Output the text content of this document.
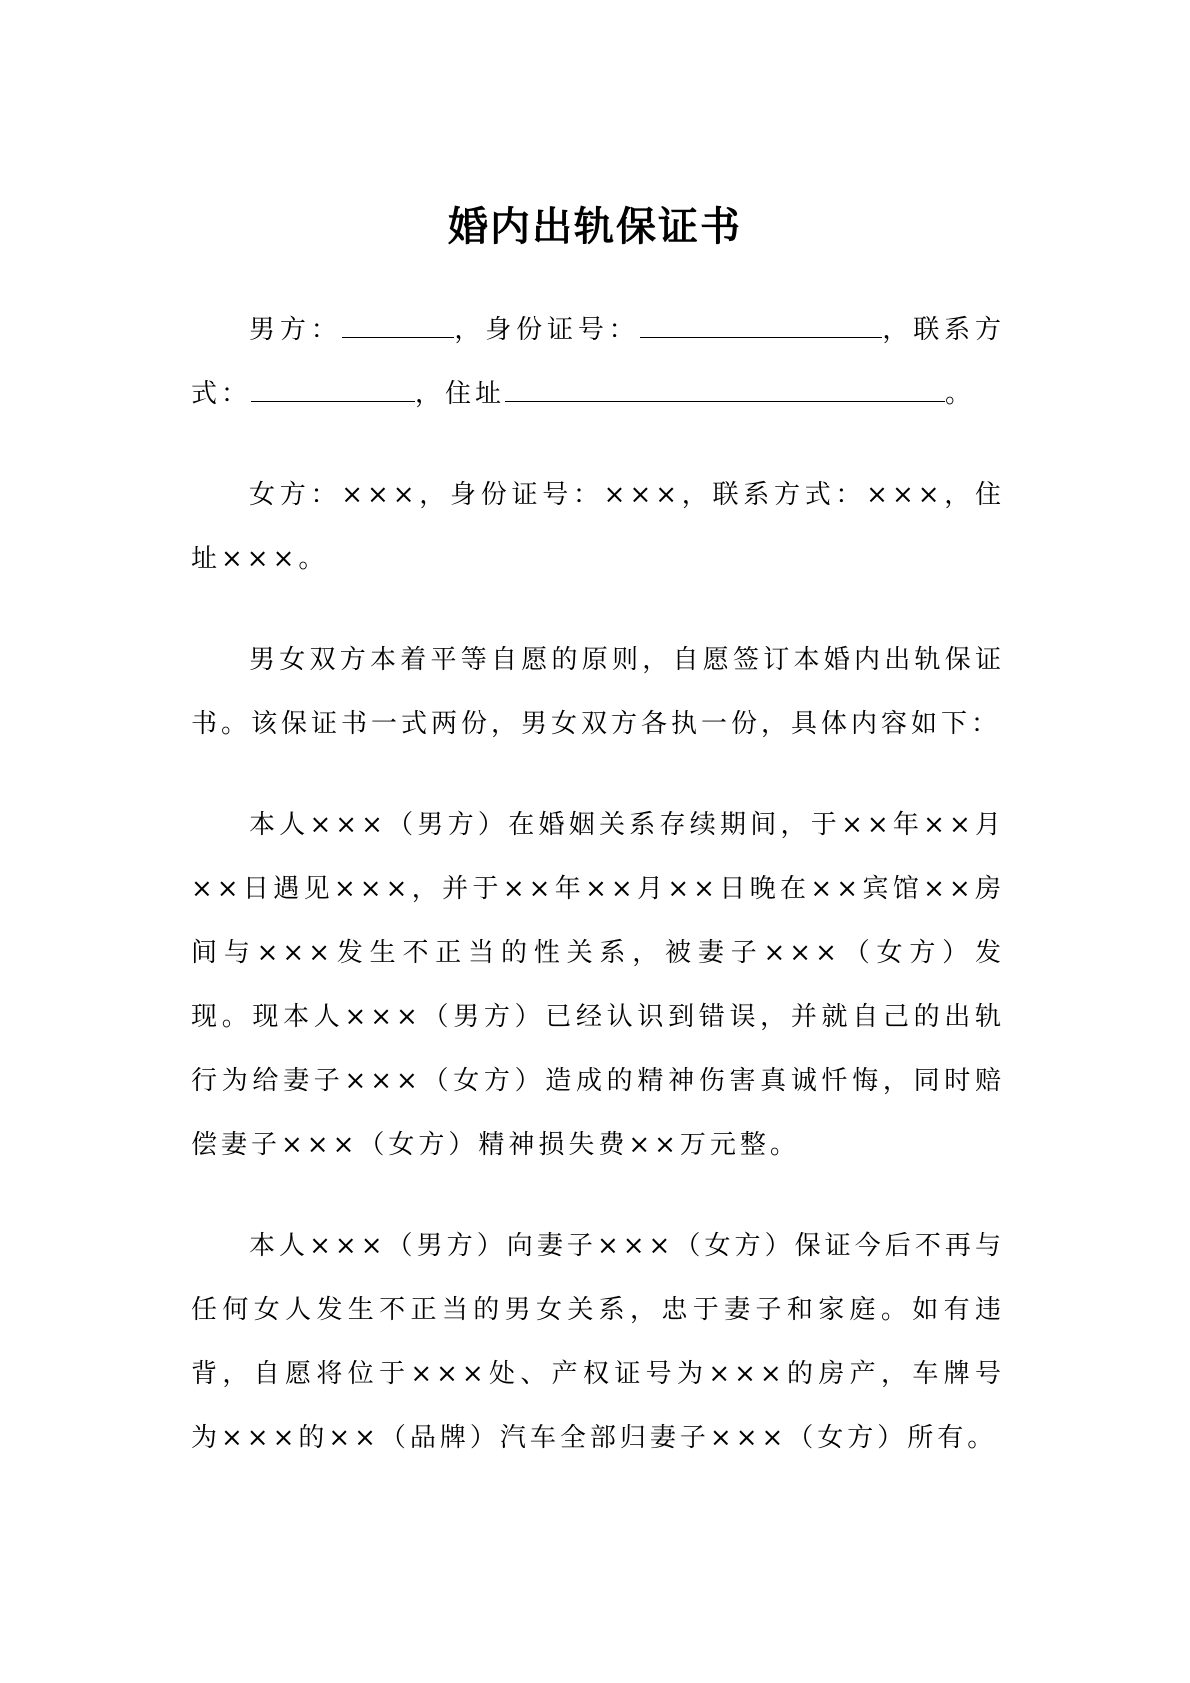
婚内出轨保证书

男方：	，身份证号：	，联系方式：	，住址	。

女方：×××，身份证号：×××，联系方式：×××，住址×××。

男女双方本着平等自愿的原则，自愿签订本婚内出轨保证书。该保证书一式两份，男女双方各执一份，具体内容如下：

本人×××（男方）在婚姻关系存续期间，于××年××月××日遇见×××，并于××年××月××日晚在××宾馆××房间与×××发生不正当的性关系，被妻子×××（女方）发现。现本人×××（男方）已经认识到错误，并就自己的出轨行为给妻子×××（女方）造成的精神伤害真诚忏悔，同时赔偿妻子×××（女方）精神损失费××万元整。

本人×××（男方）向妻子×××（女方）保证今后不再与任何女人发生不正当的男女关系，忠于妻子和家庭。如有违背，自愿将位于×××处、产权证号为×××的房产，车牌号为×××的××（品牌）汽车全部归妻子×××（女方）所有。
